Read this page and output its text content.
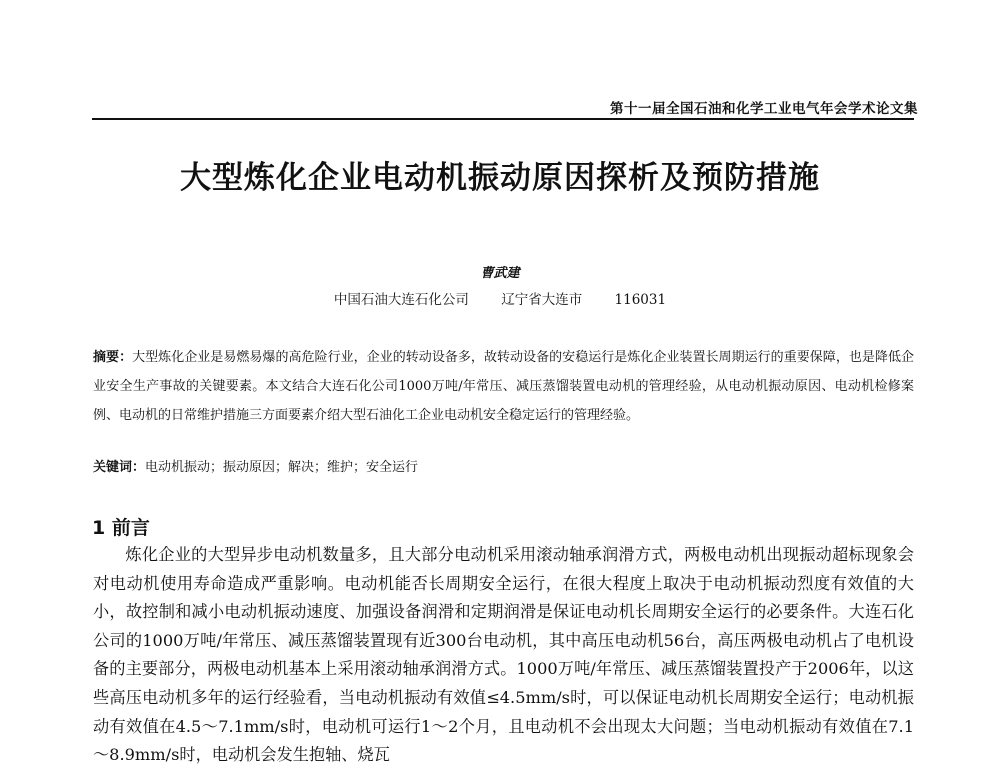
第十一届全国石油和化学工业电气年会学术论文集
大型炼化企业电动机振动原因探析及预防措施
曹武建
中国石油大连石化公司 辽宁省大连市 116031

摘要：大型炼化企业是易燃易爆的高危险行业，企业的转动设备多，故转动设备的安稳运行是炼化企业装置长周期运行的重要保障，也是降低企业安全生产事故的关键要素。本文结合大连石化公司1000万吨/年常压、减压蒸馏装置电动机的管理经验，从电动机振动原因、电动机检修案例、电动机的日常维护措施三方面要素介绍大型石油化工企业电动机安全稳定运行的管理经验。

关键词：电动机振动；振动原因；解决；维护；安全运行

1 前言

炼化企业的大型异步电动机数量多，且大部分电动机采用滚动轴承润滑方式，两极电动机出现振动超标现象会对电动机使用寿命造成严重影响。电动机能否长周期安全运行，在很大程度上取决于电动机振动烈度有效值的大小，故控制和减小电动机振动速度、加强设备润滑和定期润滑是保证电动机长周期安全运行的必要条件。大连石化公司的1000万吨/年常压、减压蒸馏装置现有近300台电动机，其中高压电动机56台，高压两极电动机占了电机设备的主要部分，两极电动机基本上采用滚动轴承润滑方式。1000万吨/年常压、减压蒸馏装置投产于2006年，以这些高压电动机多年的运行经验看，当电动机振动有效值≤4.5mm/s时，可以保证电动机长周期安全运行；电动机振动有效值在4.5～7.1mm/s时，电动机可运行1～2个月，且电动机不会出现太大问题；当电动机振动有效值在7.1～8.9mm/s时，电动机会发生抱轴、烧瓦
